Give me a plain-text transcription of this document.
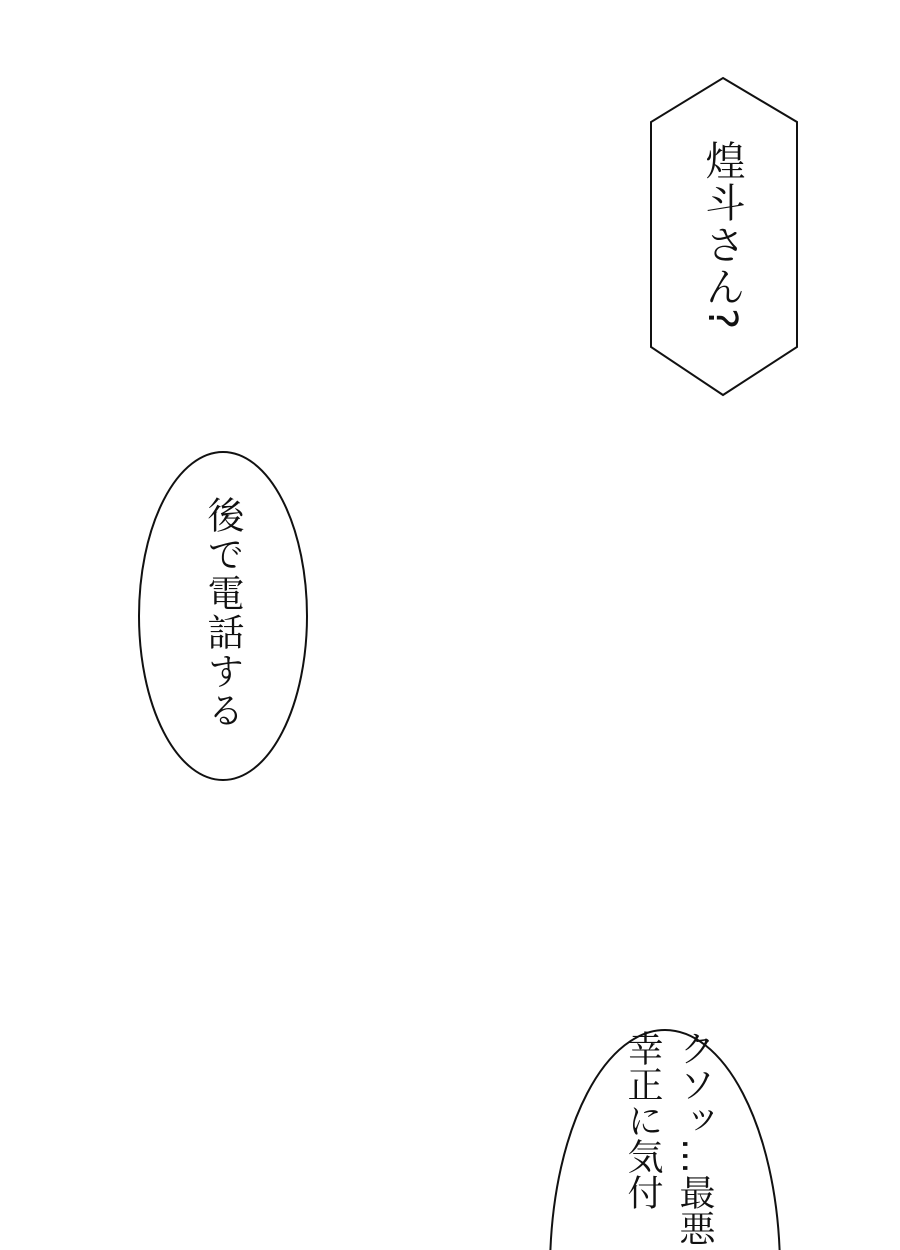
煌斗さん?
後で電話する
クソッ…最悪
幸正に気付
